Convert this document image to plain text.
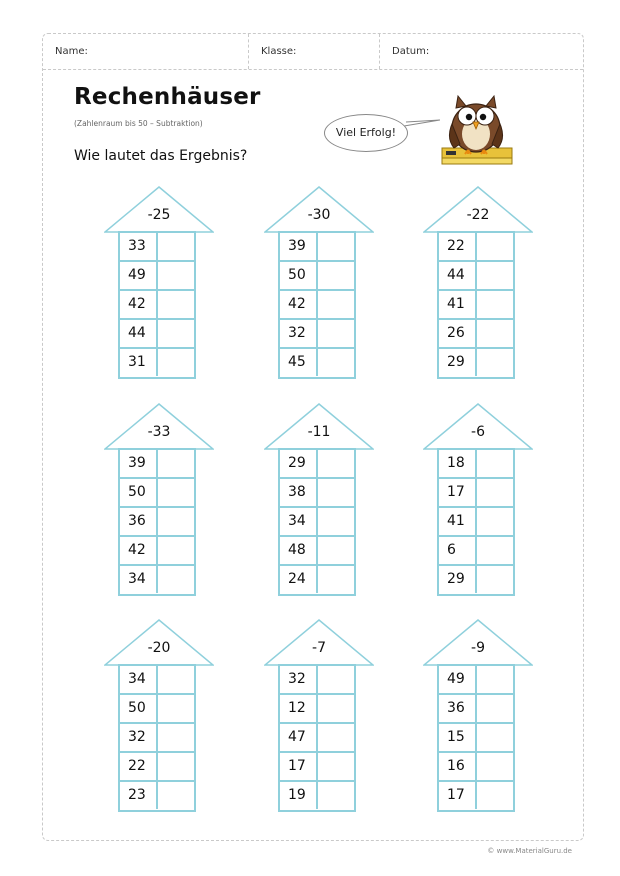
Name:	Klasse:	Datum:
Rechenhäuser
(Zahlenraum bis 50 – Subtraktion)
Wie lautet das Ergebnis?
Viel Erfolg!
-25
33
49
42
44
31
-30
39
50
42
32
45
-22
22
44
41
26
29
-33
39
50
36
42
34
-11
29
38
34
48
24
-6
18
17
41
6
29
-20
34
50
32
22
23
-7
32
12
47
17
19
-9
49
36
15
16
17
© www.MaterialGuru.de
